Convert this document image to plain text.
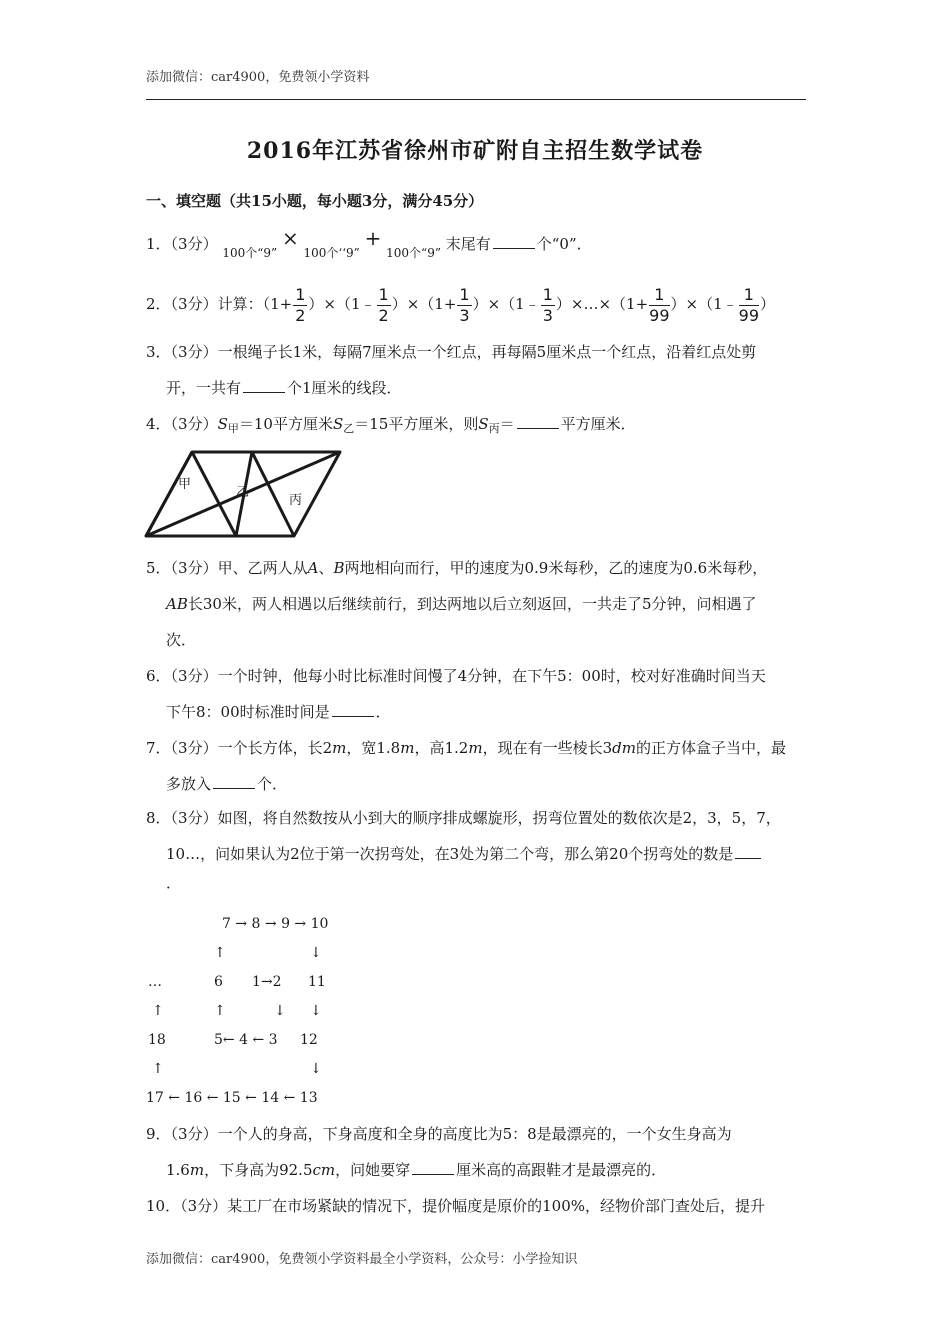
添加微信：car4900，免费领小学资料
2016年江苏省徐州市矿附自主招生数学试卷
一、填空题（共15小题，每小题3分，满分45分）
1．（3分） $_{100个“9”}$ × $_{100个‘‘9”}$ + $_{100个“9”}$ 末尾有	个“0”．
2．（3分）计算：（$1+ \frac{1}{2}$ ）×（1﹣ $\frac{1}{2} )\times(1+ \frac{1}{3}$ ）×（1﹣ $\frac{1}{3}$ ）×…×（1+ $\frac{1}{99}$ ）×（1﹣ $\frac{1}{99}$ ）
3．（3分）一根绳子长1米，每隔7厘米点一个红点，再每隔5厘米点一个红点，沿着红点处剪
开，一共有	个1厘米的线段．
4．（3分）$S_甲=10$平方厘米$S_乙=15$平方厘米，则$S_丙=$	平方厘米．
甲
乙
丙
5．（3分）甲、乙两人从A、B两地相向而行，甲的速度为0.9米每秒，乙的速度为0.6米每秒，
AB长30米，两人相遇以后继续前行，到达两地以后立刻返回，一共走了5分钟，问相遇了
次．
6．（3分）一个时钟，他每小时比标准时间慢了4分钟，在下午5：00时，校对好准确时间当天
下午8：00时标准时间是	．
7．（3分）一个长方体，长2m，宽1.8m，高1.2m，现在有一些棱长3dm的正方体盒子当中，最
多放入	个．
8．（3分）如图，将自然数按从小到大的顺序排成螺旋形，拐弯位置处的数依次是2，3，5，7，
10…，问如果认为2位于第一次拐弯处，在3处为第二个弯，那么第20个拐弯处的数是
．
7 → 8 → 9 → 10
↑	↓
…	6 1→2 11
↑	↑	↓ ↓
18	5← 4 ← 3 12
↑	↓
17 ← 16 ← 15 ← 14 ← 13
9．（3分）一个人的身高，下身高度和全身的高度比为5：8是最漂亮的，一个女生身高为
1.6m，下身高为92.5cm，问她要穿	厘米高的高跟鞋才是最漂亮的．
10．（3分）某工厂在市场紧缺的情况下，提价幅度是原价的100%，经物价部门查处后，提升
添加微信：car4900，免费领小学资料最全小学资料，公众号：小学捡知识
